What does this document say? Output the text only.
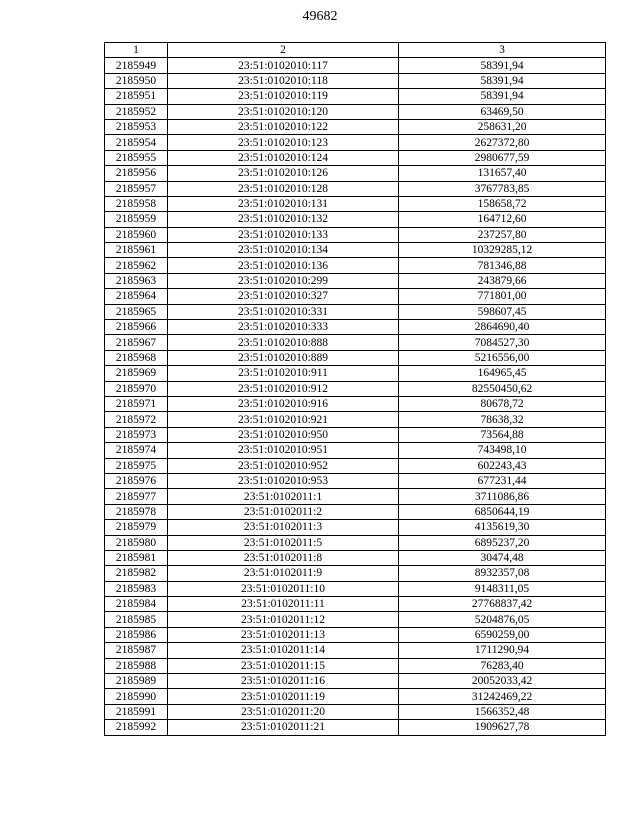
49682
1	2	3
2185949	23:51:0102010:117	58391,94
2185950	23:51:0102010:118	58391,94
2185951	23:51:0102010:119	58391,94
2185952	23:51:0102010:120	63469,50
2185953	23:51:0102010:122	258631,20
2185954	23:51:0102010:123	2627372,80
2185955	23:51:0102010:124	2980677,59
2185956	23:51:0102010:126	131657,40
2185957	23:51:0102010:128	3767783,85
2185958	23:51:0102010:131	158658,72
2185959	23:51:0102010:132	164712,60
2185960	23:51:0102010:133	237257,80
2185961	23:51:0102010:134	10329285,12
2185962	23:51:0102010:136	781346,88
2185963	23:51:0102010:299	243879,66
2185964	23:51:0102010:327	771801,00
2185965	23:51:0102010:331	598607,45
2185966	23:51:0102010:333	2864690,40
2185967	23:51:0102010:888	7084527,30
2185968	23:51:0102010:889	5216556,00
2185969	23:51:0102010:911	164965,45
2185970	23:51:0102010:912	82550450,62
2185971	23:51:0102010:916	80678,72
2185972	23:51:0102010:921	78638,32
2185973	23:51:0102010:950	73564,88
2185974	23:51:0102010:951	743498,10
2185975	23:51:0102010:952	602243,43
2185976	23:51:0102010:953	677231,44
2185977	23:51:0102011:1	3711086,86
2185978	23:51:0102011:2	6850644,19
2185979	23:51:0102011:3	4135619,30
2185980	23:51:0102011:5	6895237,20
2185981	23:51:0102011:8	30474,48
2185982	23:51:0102011:9	8932357,08
2185983	23:51:0102011:10	9148311,05
2185984	23:51:0102011:11	27768837,42
2185985	23:51:0102011:12	5204876,05
2185986	23:51:0102011:13	6590259,00
2185987	23:51:0102011:14	1711290,94
2185988	23:51:0102011:15	76283,40
2185989	23:51:0102011:16	20052033,42
2185990	23:51:0102011:19	31242469,22
2185991	23:51:0102011:20	1566352,48
2185992	23:51:0102011:21	1909627,78
